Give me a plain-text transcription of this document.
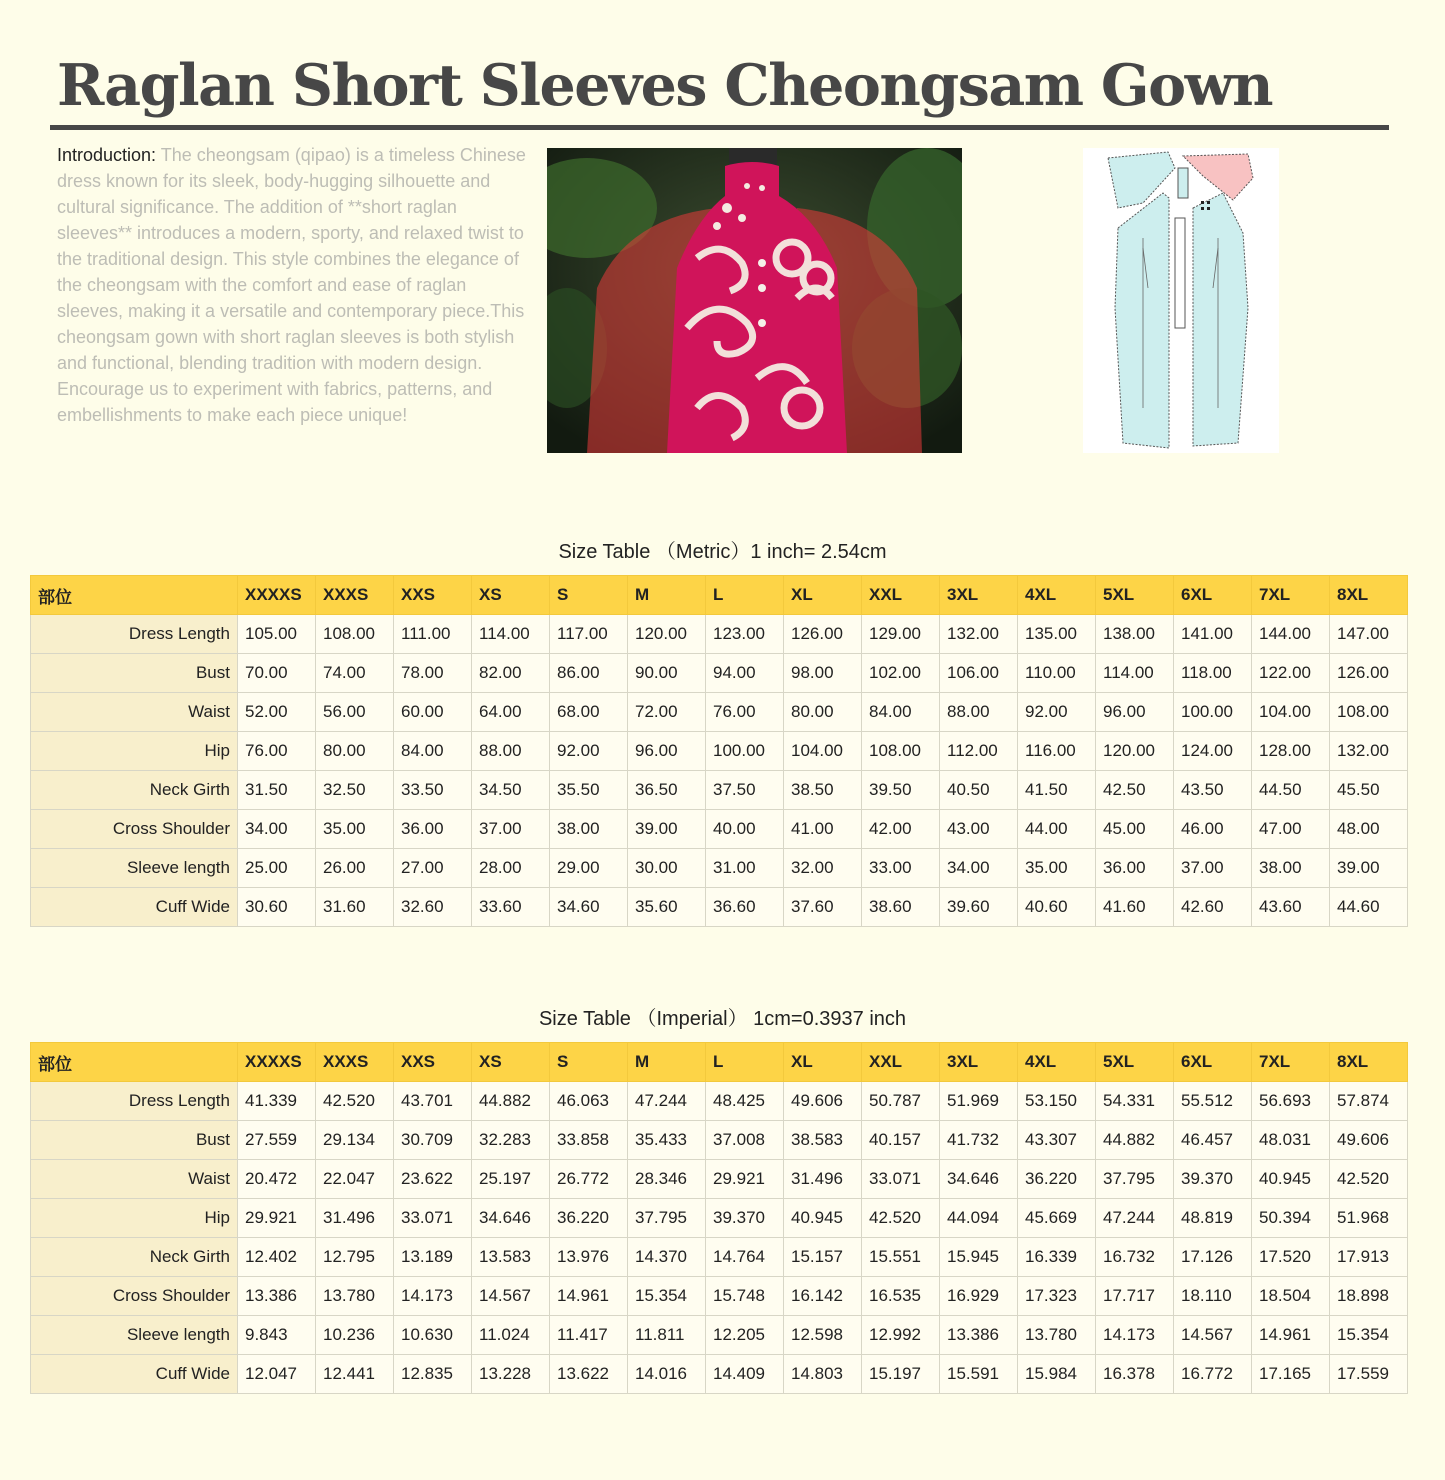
Raglan Short Sleeves Cheongsam Gown

Introduction: The cheongsam (qipao) is a timeless Chinese dress known for its sleek, body-hugging silhouette and cultural significance. The addition of **short raglan sleeves** introduces a modern, sporty, and relaxed twist to the traditional design. This style combines the elegance of the cheongsam with the comfort and ease of raglan sleeves, making it a versatile and contemporary piece.This cheongsam gown with short raglan sleeves is both stylish and functional, blending tradition with modern design. Encourage us to experiment with fabrics, patterns, and embellishments to make each piece unique!

Size Table （Metric）1 inch= 2.54cm
部位	XXXXS	XXXS	XXS	XS	S	M	L	XL	XXL	3XL	4XL	5XL	6XL	7XL	8XL
Dress Length	105.00	108.00	111.00	114.00	117.00	120.00	123.00	126.00	129.00	132.00	135.00	138.00	141.00	144.00	147.00
Bust	70.00	74.00	78.00	82.00	86.00	90.00	94.00	98.00	102.00	106.00	110.00	114.00	118.00	122.00	126.00
Waist	52.00	56.00	60.00	64.00	68.00	72.00	76.00	80.00	84.00	88.00	92.00	96.00	100.00	104.00	108.00
Hip	76.00	80.00	84.00	88.00	92.00	96.00	100.00	104.00	108.00	112.00	116.00	120.00	124.00	128.00	132.00
Neck Girth	31.50	32.50	33.50	34.50	35.50	36.50	37.50	38.50	39.50	40.50	41.50	42.50	43.50	44.50	45.50
Cross Shoulder	34.00	35.00	36.00	37.00	38.00	39.00	40.00	41.00	42.00	43.00	44.00	45.00	46.00	47.00	48.00
Sleeve length	25.00	26.00	27.00	28.00	29.00	30.00	31.00	32.00	33.00	34.00	35.00	36.00	37.00	38.00	39.00
Cuff Wide	30.60	31.60	32.60	33.60	34.60	35.60	36.60	37.60	38.60	39.60	40.60	41.60	42.60	43.60	44.60
Size Table （Imperial） 1cm=0.3937 inch
部位	XXXXS	XXXS	XXS	XS	S	M	L	XL	XXL	3XL	4XL	5XL	6XL	7XL	8XL
Dress Length	41.339	42.520	43.701	44.882	46.063	47.244	48.425	49.606	50.787	51.969	53.150	54.331	55.512	56.693	57.874
Bust	27.559	29.134	30.709	32.283	33.858	35.433	37.008	38.583	40.157	41.732	43.307	44.882	46.457	48.031	49.606
Waist	20.472	22.047	23.622	25.197	26.772	28.346	29.921	31.496	33.071	34.646	36.220	37.795	39.370	40.945	42.520
Hip	29.921	31.496	33.071	34.646	36.220	37.795	39.370	40.945	42.520	44.094	45.669	47.244	48.819	50.394	51.968
Neck Girth	12.402	12.795	13.189	13.583	13.976	14.370	14.764	15.157	15.551	15.945	16.339	16.732	17.126	17.520	17.913
Cross Shoulder	13.386	13.780	14.173	14.567	14.961	15.354	15.748	16.142	16.535	16.929	17.323	17.717	18.110	18.504	18.898
Sleeve length	9.843	10.236	10.630	11.024	11.417	11.811	12.205	12.598	12.992	13.386	13.780	14.173	14.567	14.961	15.354
Cuff Wide	12.047	12.441	12.835	13.228	13.622	14.016	14.409	14.803	15.197	15.591	15.984	16.378	16.772	17.165	17.559
